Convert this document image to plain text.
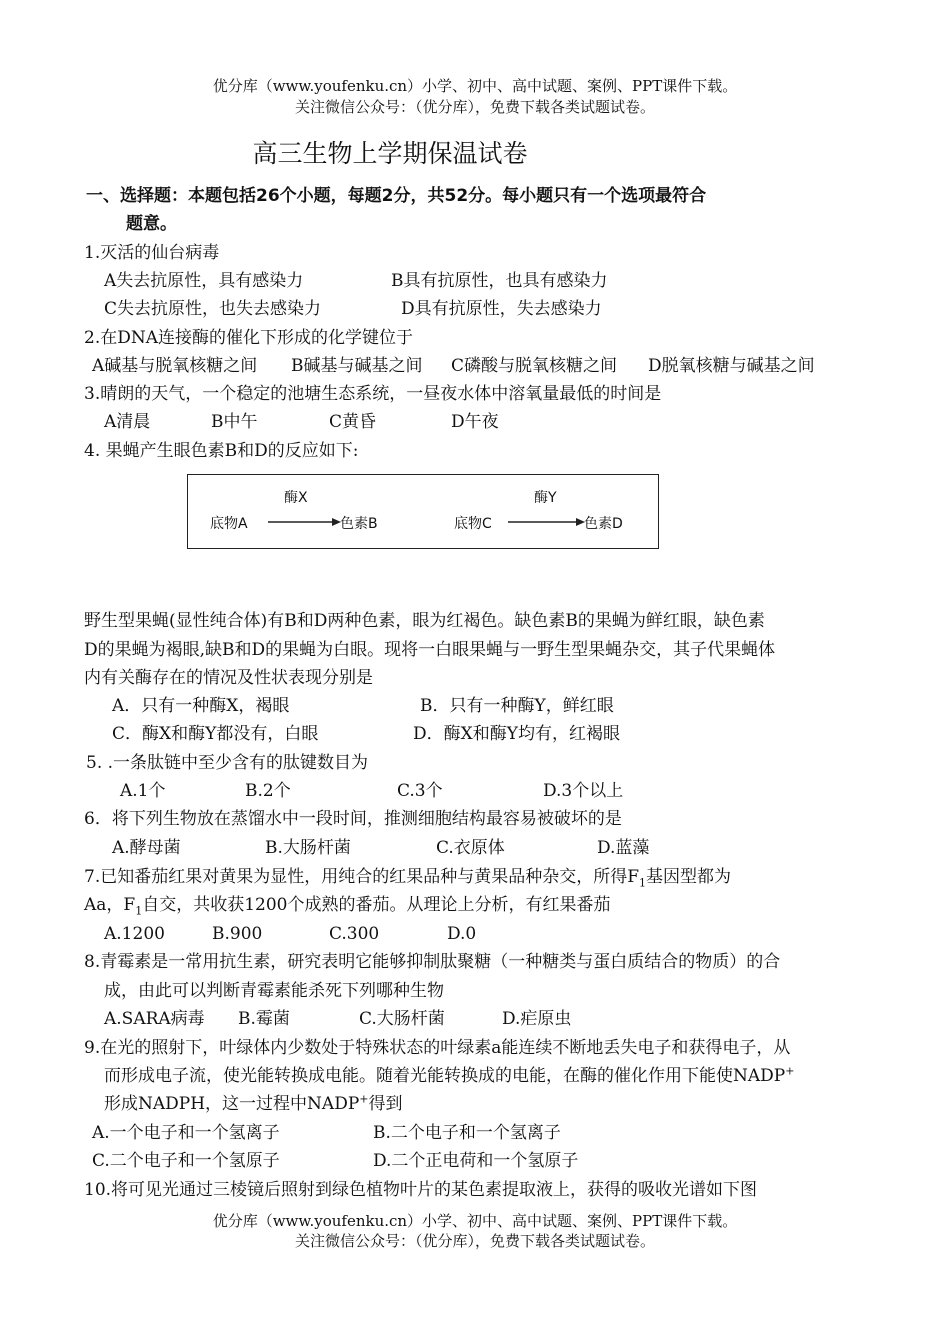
优分库（www.youfenku.cn）小学、初中、高中试题、案例、PPT课件下载。
关注微信公众号：（优分库），免费下载各类试题试卷。
高三生物上学期保温试卷
一、选择题：本题包括26个小题，每题2分，共52分。每小题只有一个选项最符合
题意。
1.灭活的仙台病毒
A失去抗原性，具有感染力	B具有抗原性，也具有感染力
C失去抗原性，也失去感染力	D具有抗原性，失去感染力
2.在DNA连接酶的催化下形成的化学键位于
A碱基与脱氧核糖之间 B碱基与碱基之间 C磷酸与脱氧核糖之间 D脱氧核糖与碱基之间
3.晴朗的天气，一个稳定的池塘生态系统，一昼夜水体中溶氧量最低的时间是
A清晨	B中午	C黄昏	D午夜
4. 果蝇产生眼色素B和D的反应如下:
酶X
底物A	色素B
酶Y
底物C	色素D
野生型果蝇(显性纯合体)有B和D两种色素，眼为红褐色。缺色素B的果蝇为鲜红眼，缺色素
D的果蝇为褐眼,缺B和D的果蝇为白眼。现将一白眼果蝇与一野生型果蝇杂交，其子代果蝇体
内有关酶存在的情况及性状表现分别是
A．只有一种酶X，褐眼	B．只有一种酶Y，鲜红眼
C．酶X和酶Y都没有，白眼	D．酶X和酶Y均有，红褐眼
5. .一条肽链中至少含有的肽键数目为
A.1个	B.2个	C.3个	D.3个以上
6．将下列生物放在蒸馏水中一段时间，推测细胞结构最容易被破坏的是
A.酵母菌	B.大肠杆菌	C.衣原体	D.蓝藻
7.已知番茄红果对黄果为显性，用纯合的红果品种与黄果品种杂交，所得$F_1$基因型都为
Aa，$F_1$自交，共收获1200个成熟的番茄。从理论上分析，有红果番茄
A.1200	B.900	C.300	D.0
8.青霉素是一常用抗生素，研究表明它能够抑制肽聚糖（一种糖类与蛋白质结合的物质）的合
成，由此可以判断青霉素能杀死下列哪种生物
A.SARA病毒 B.霉菌	C.大肠杆菌	D.疟原虫
9.在光的照射下，叶绿体内少数处于特殊状态的叶绿素a能连续不断地丢失电子和获得电子，从
而形成电子流，使光能转换成电能。随着光能转换成的电能，在酶的催化作用下能使NADP+
形成NADPH，这一过程中NADP+得到
A.一个电子和一个氢离子	B.二个电子和一个氢离子
C.二个电子和一个氢原子	D.二个正电荷和一个氢原子
10.将可见光通过三棱镜后照射到绿色植物叶片的某色素提取液上，获得的吸收光谱如下图
优分库（www.youfenku.cn）小学、初中、高中试题、案例、PPT课件下载。
关注微信公众号：（优分库），免费下载各类试题试卷。
